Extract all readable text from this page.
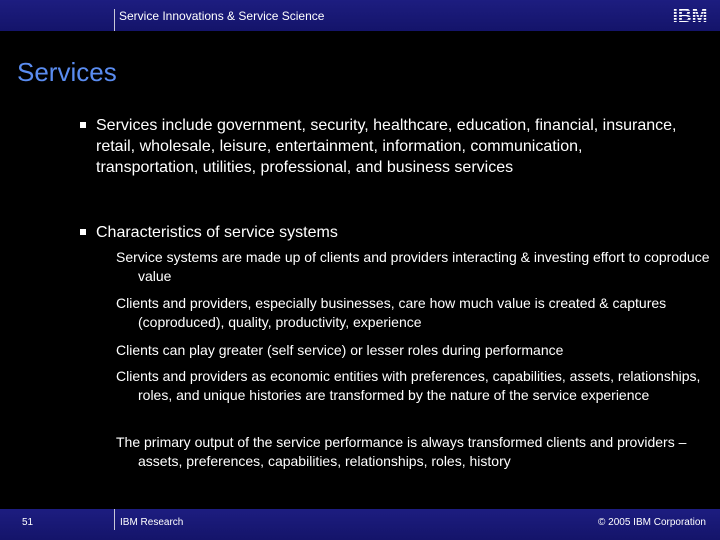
Service Innovations & Service Science	IBM
Services
Services include government, security, healthcare, education, financial, insurance, retail, wholesale, leisure, entertainment, information, communication, transportation, utilities, professional, and business services
Characteristics of service systems
Service systems are made up of clients and providers interacting & investing effort to coproduce value
Clients and providers, especially businesses, care how much value is created & captures (coproduced), quality, productivity, experience
Clients can play greater (self service) or lesser roles during performance
Clients and providers as economic entities with preferences, capabilities, assets, relationships, roles, and unique histories are transformed by the nature of the service experience
The primary output of the service performance is always transformed clients and providers – assets, preferences, capabilities, relationships, roles, history
51	IBM Research	© 2005 IBM Corporation
